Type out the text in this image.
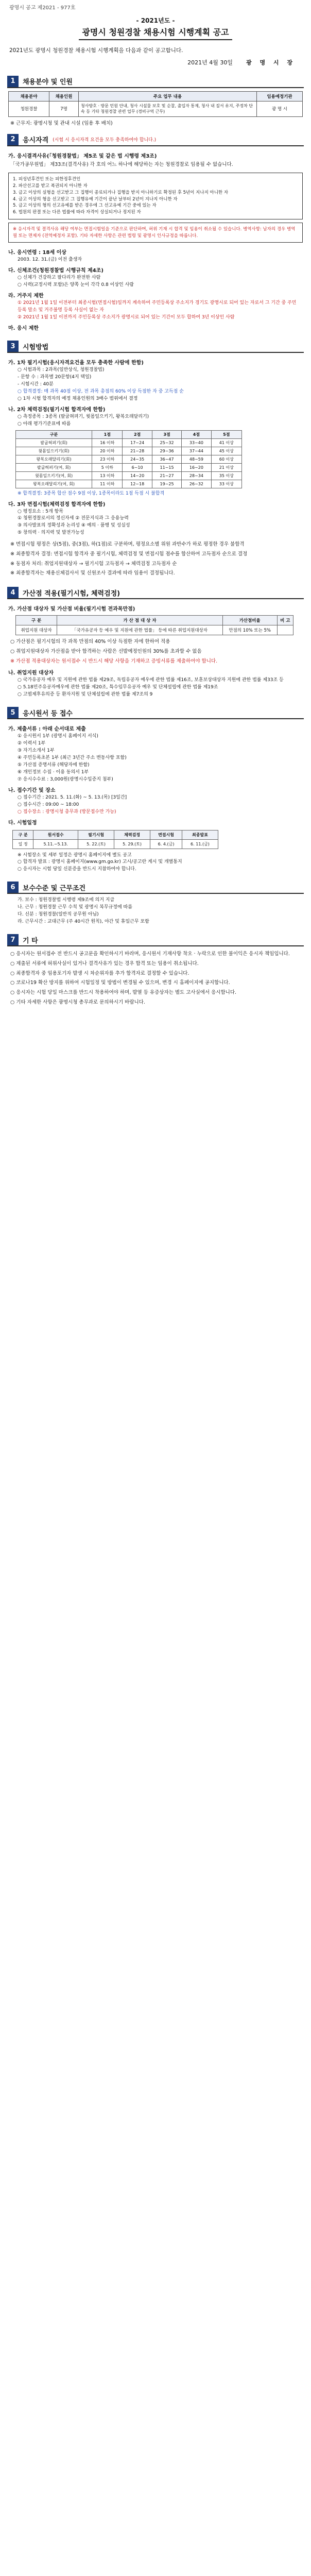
광명시 공고 제2021 - 977호
- 2021년도 -
광명시 청원경찰 채용시험 시행계획 공고
2021년도 광명시 청원경찰 채용시험 시행계획을 다음과 같이 공고합니다.
2021년 4월 30일 광 명 시 장
1	채용분야 및 인원
채용분야	채용인원	주요 업무 내용	임용예정기관
청원경찰	7명	청사방호 · 방문 민원 안내, 청사 시설물 보호 및 순찰, 출입자 통제, 청사 내 질서 유지, 주정차 단속 등 기타 청원경찰 관련 업무 (경비구역 근무)	광 명 시
※ 근무지: 광명시청 및 관내 시설 (임용 후 배치)
2	응시자격 (시험 시 응시자격 요건을 모두 충족하여야 합니다.)
가. 응시결격사유(「청원경찰법」 제5조 및 같은 법 시행령 제3조)
「국가공무원법」 제33조(결격사유) 각 호의 어느 하나에 해당하는 자는 청원경찰로 임용될 수 없습니다.
1. 피성년후견인 또는 피한정후견인
2. 파산선고를 받고 복권되지 아니한 자
3. 금고 이상의 실형을 선고받고 그 집행이 종료되거나 집행을 받지 아니하기로 확정된 후 5년이 지나지 아니한 자
4. 금고 이상의 형을 선고받고 그 집행유예 기간이 끝난 날부터 2년이 지나지 아니한 자
5. 금고 이상의 형의 선고유예를 받은 경우에 그 선고유예 기간 중에 있는 자
6. 법원의 판결 또는 다른 법률에 따라 자격이 상실되거나 정지된 자
※ 응시자격 및 결격사유 해당 여부는 면접시험일을 기준으로 판단하며, 허위 기재 시 합격 및 임용이 취소될 수 있습니다. 병역사항: 남자의 경우 병역필 또는 면제자 (전역예정자 포함). 기타 자세한 사항은 관련 법령 및 광명시 인사규정을 따릅니다.
나. 응시연령 : 18세 이상
2003. 12. 31.(금) 이전 출생자
다. 신체조건(청원경찰법 시행규칙 제4조)
○ 신체가 건강하고 팔다리가 완전한 사람
○ 시력(교정시력 포함)은 양쪽 눈이 각각 0.8 이상인 사람
라. 거주지 제한
① 2021년 1월 1일 이전부터 최종시험(면접시험)일까지 계속하여 주민등록상 주소지가 경기도 광명시로 되어 있는 자로서 그 기간 중 주민등록 말소 및 거주불명 등록 사실이 없는 자
② 2021년 1월 1일 이전까지 주민등록상 주소지가 광명시로 되어 있는 기간이 모두 합하여 3년 이상인 사람
마. 응시 제한
3	시험방법
가. 1차 필기시험(응시자격요건을 모두 충족한 사람에 한함)
○ 시험과목 : 2과목(일반상식, 청원경찰법)
- 문항 수 : 과목별 20문항(4지 택일)
- 시험시간 : 40분
○ 합격결정: 매 과목 40점 이상, 전 과목 총점의 60% 이상 득점한 자 중 고득점 순
○ 1차 시험 합격자의 예정 채용인원의 3배수 범위에서 결정
나. 2차 체력검정(필기시험 합격자에 한함)
○ 측정종목 : 3종목 (팔굽혀펴기, 윗몸일으키기, 왕복오래달리기)
○ 아래 평가기준표에 따름
구분	1점	2점	3점	4점	5점
팔굽혀펴기(회)	16 이하	17~24	25~32	33~40	41 이상
윗몸일으키기(회)	20 이하	21~28	29~36	37~44	45 이상
왕복오래달리기(회)	23 이하	24~35	36~47	48~59	60 이상
팔굽혀펴기(여, 회)	5 이하	6~10	11~15	16~20	21 이상
윗몸일으키기(여, 회)	13 이하	14~20	21~27	28~34	35 이상
왕복오래달리기(여, 회)	11 이하	12~18	19~25	26~32	33 이상
※ 합격결정: 3종목 합산 점수 9점 이상, 1종목이라도 1점 득점 시 불합격
다. 3차 면접시험(체력검정 합격자에 한함)
○ 평정요소 : 5개 항목
① 청원경찰로서의 정신자세 ② 전문지식과 그 응용능력
③ 의사발표의 정확성과 논리성 ④ 예의 · 품행 및 성실성
⑤ 창의력 · 의지력 및 발전가능성
※ 면접시험 평정은 상(5점), 중(3점), 하(1점)로 구분하며, 평정요소별 위원 과반수가 하로 평정한 경우 불합격
※ 최종합격자 결정: 면접시험 합격자 중 필기시험, 체력검정 및 면접시험 점수를 합산하여 고득점자 순으로 결정
※ 동점자 처리: 취업지원대상자 → 필기시험 고득점자 → 체력검정 고득점자 순
※ 최종합격자는 채용신체검사서 및 신원조사 결과에 따라 임용이 결정됩니다.
4	가산점 적용(필기시험, 체력검정)
가. 가산점 대상자 및 가산점 비율(필기시험 전과목만점)
구 분	가 산 점 대 상 자	가산점비율	비 고
취업지원 대상자	「국가유공자 등 예우 및 지원에 관한 법률」 등에 따른 취업지원대상자	만점의 10% 또는 5%	
○ 가산점은 필기시험의 각 과목 만점의 40% 이상 득점한 자에 한하여 적용
○ 취업지원대상자 가산점을 받아 합격하는 사람은 선발예정인원의 30%를 초과할 수 없음
※ 가산점 적용대상자는 원서접수 시 반드시 해당 사항을 기재하고 증빙서류를 제출하여야 합니다.
나. 취업지원 대상자
○ 국가유공자 예우 및 지원에 관한 법률 제29조, 독립유공자 예우에 관한 법률 제16조, 보훈보상대상자 지원에 관한 법률 제33조 등
○ 5.18민주유공자예우에 관한 법률 제20조, 특수임무유공자 예우 및 단체설립에 관한 법률 제19조
○ 고엽제후유의증 등 환자지원 및 단체설립에 관한 법률 제7조의 9
5	응시원서 등 접수
가. 제출서류 : 아래 순서대로 제출
① 응시원서 1부 (광명시 홈페이지 서식)
② 이력서 1부
③ 자기소개서 1부
④ 주민등록초본 1부 (최근 3년간 주소 변동사항 포함)
⑤ 가산점 증명서류 (해당자에 한함)
⑥ 개인정보 수집 · 이용 동의서 1부
⑦ 응시수수료 : 3,000원(광명시수입증지 첨부)
나. 접수기간 및 장소
○ 접수기간 : 2021. 5. 11.(화) ~ 5. 13.(목) [3일간]
○ 접수시간 : 09:00 ~ 18:00
○ 접수장소 : 광명시청 총무과 (방문접수만 가능)
다. 시험일정
구 분	원서접수	필기시험	체력검정	면접시험	최종발표
일 정	5.11.~5.13.	5. 22.(토)	5. 29.(토)	6. 4.(금)	6. 11.(금)
※ 시험장소 및 세부 일정은 광명시 홈페이지에 별도 공고
○ 합격자 발표 : 광명시 홈페이지(www.gm.go.kr) 고시/공고란 게시 및 개별통지
○ 응시자는 시험 당일 신분증을 반드시 지참하여야 합니다.
6	보수수준 및 근무조건
가. 보수 : 청원경찰법 시행령 제9조에 의거 지급
나. 근무 : 청원경찰 근무 수칙 및 광명시 복무규정에 따름
다. 신분 : 청원경찰(일반직 공무원 아님)
라. 근무시간 : 교대근무 (주 40시간 원칙), 야간 및 휴일근무 포함
7	기 타
○ 응시자는 원서접수 전 반드시 공고문을 확인하시기 바라며, 응시원서 기재사항 착오 · 누락으로 인한 불이익은 응시자 책임입니다.
○ 제출된 서류에 허위사실이 있거나 결격사유가 있는 경우 합격 또는 임용이 취소됩니다.
○ 최종합격자 중 임용포기자 발생 시 차순위자를 추가 합격자로 결정할 수 있습니다.
○ 코로나19 확산 방지를 위하여 시험일정 및 방법이 변경될 수 있으며, 변경 시 홈페이지에 공지합니다.
○ 응시자는 시험 당일 마스크를 반드시 착용하여야 하며, 발열 등 유증상자는 별도 고사실에서 응시합니다.
○ 기타 자세한 사항은 광명시청 총무과로 문의하시기 바랍니다.
